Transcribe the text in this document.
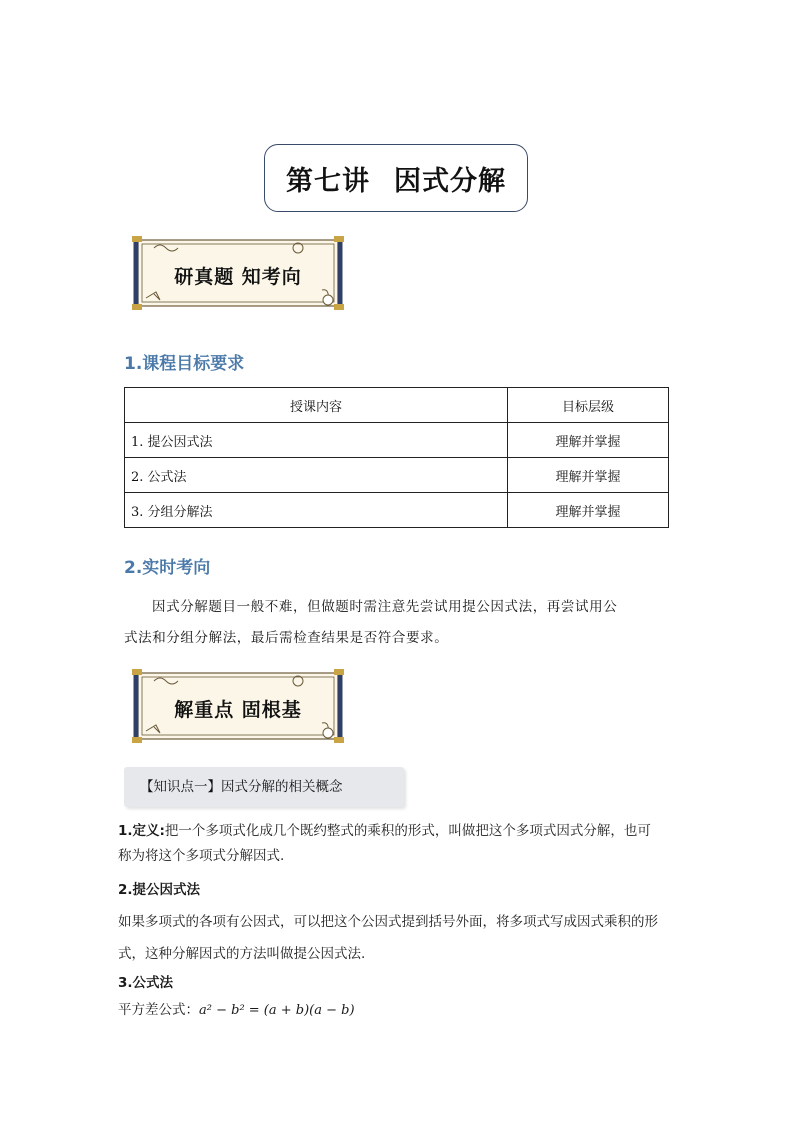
第七讲 因式分解
研真题 知考向
1.课程目标要求
授课内容	目标层级
1. 提公因式法	理解并掌握
2. 公式法	理解并掌握
3. 分组分解法	理解并掌握
2.实时考向
因式分解题目一般不难，但做题时需注意先尝试用提公因式法，再尝试用公
式法和分组分解法，最后需检查结果是否符合要求。
解重点 固根基
【知识点一】因式分解的相关概念
1.定义:把一个多项式化成几个既约整式的乘积的形式，叫做把这个多项式因式分解，也可
称为将这个多项式分解因式.
2.提公因式法
如果多项式的各项有公因式，可以把这个公因式提到括号外面，将多项式写成因式乘积的形
式，这种分解因式的方法叫做提公因式法.
3.公式法
平方差公式：a² − b² = (a + b)(a − b)
